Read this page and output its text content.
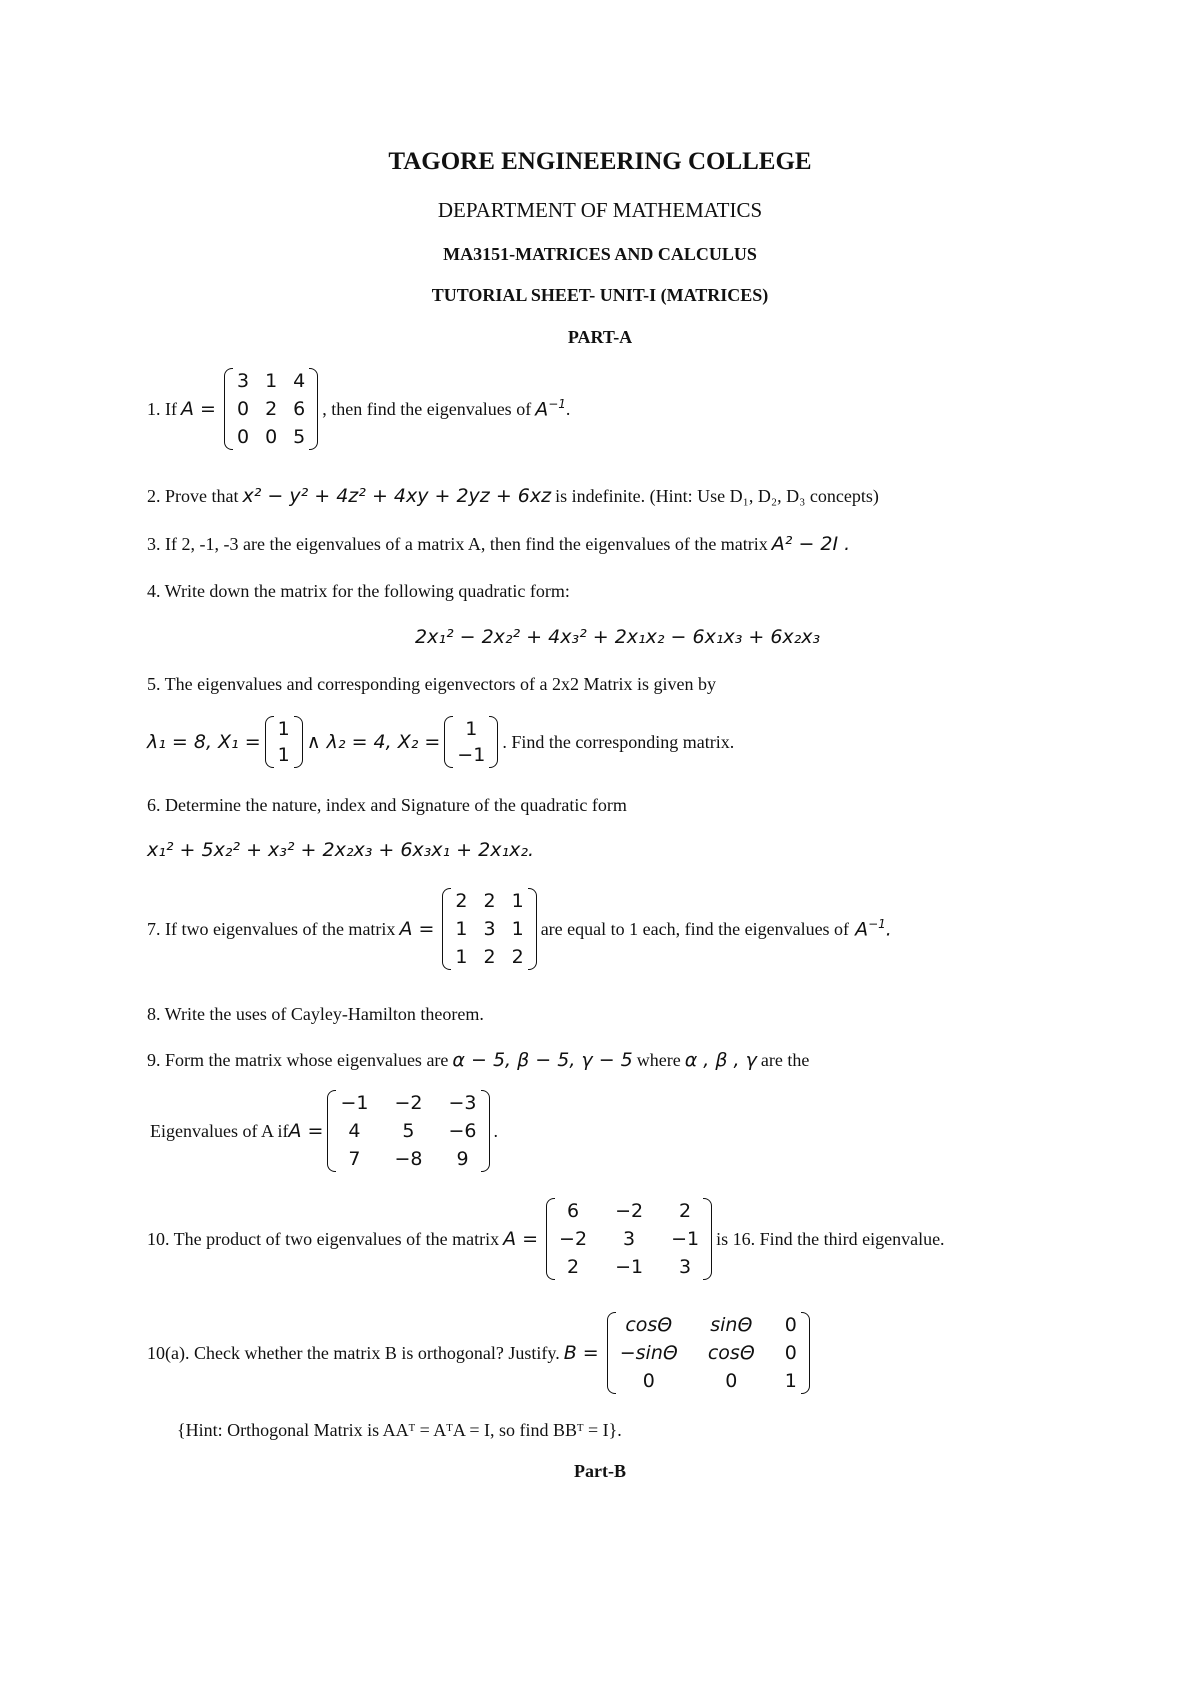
TAGORE ENGINEERING COLLEGE
DEPARTMENT OF MATHEMATICS
MA3151-MATRICES AND CALCULUS
TUTORIAL SHEET- UNIT-I (MATRICES)
PART-A
1. If A =
3 1 4
0 2 6
0 0 5
, then find the eigenvalues of $A^{-1}$ .
2. Prove that x² − y² + 4z² + 4xy + 2yz + 6xz is indefinite. (Hint: Use D₁, D₂, D₃ concepts)
3. If 2, -1, -3 are the eigenvalues of a matrix A, then find the eigenvalues of the matrix A² − 2I .
4. Write down the matrix for the following quadratic form:
2x₁² − 2x₂² + 4x₃² + 2x₁x₂ − 6x₁x₃ + 6x₂x₃
5. The eigenvalues and corresponding eigenvectors of a 2x2 Matrix is given by
λ₁ = 8, X₁ =
1
1
∧ λ₂ = 4, X₂ =
1
−1
. Find the corresponding matrix.
6. Determine the nature, index and Signature of the quadratic form
x₁² + 5x₂² + x₃² + 2x₂x₃ + 6x₃x₁ + 2x₁x₂.
7. If two eigenvalues of the matrix A =
2 2 1
1 3 1
1 2 2
are equal to 1 each, find the eigenvalues of $A^{-1}$.
8. Write the uses of Cayley-Hamilton theorem.
9. Form the matrix whose eigenvalues are α − 5, β − 5, γ − 5 where α , β , γ are the
Eigenvalues of A if A =
−1 −2 −3
4	5	−6
7	−8	9
.
10. The product of two eigenvalues of the matrix A =
6	−2	2
−2	3	−1
2	−1	3
is 16. Find the third eigenvalue.
10(a). Check whether the matrix B is orthogonal? Justify. B =
cosΘ sinΘ 0
−sinΘ cosΘ 0
0	0	1
{Hint: Orthogonal Matrix is AAᵀ = AᵀA = I, so find BBᵀ = I}.
Part-B
